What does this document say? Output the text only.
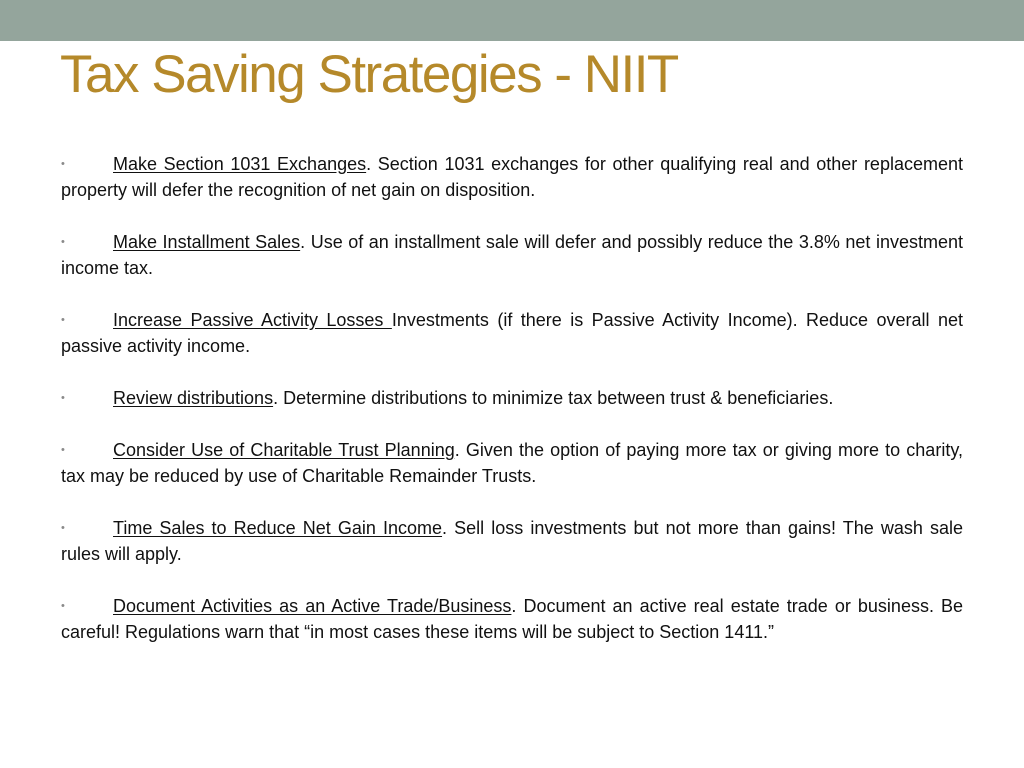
Tax Saving Strategies - NIIT
•	Make Section 1031 Exchanges. Section 1031 exchanges for other qualifying real and other replacement property will defer the recognition of net gain on disposition.
•	Make Installment Sales. Use of an installment sale will defer and possibly reduce the 3.8% net investment income tax.
•	Increase Passive Activity Losses Investments (if there is Passive Activity Income). Reduce overall net passive activity income.
•	Review distributions. Determine distributions to minimize tax between trust & beneficiaries.
•	Consider Use of Charitable Trust Planning. Given the option of paying more tax or giving more to charity, tax may be reduced by use of Charitable Remainder Trusts.
•	Time Sales to Reduce Net Gain Income. Sell loss investments but not more than gains! The wash sale rules will apply.
•	Document Activities as an Active Trade/Business. Document an active real estate trade or business. Be careful! Regulations warn that “in most cases these items will be subject to Section 1411.”
